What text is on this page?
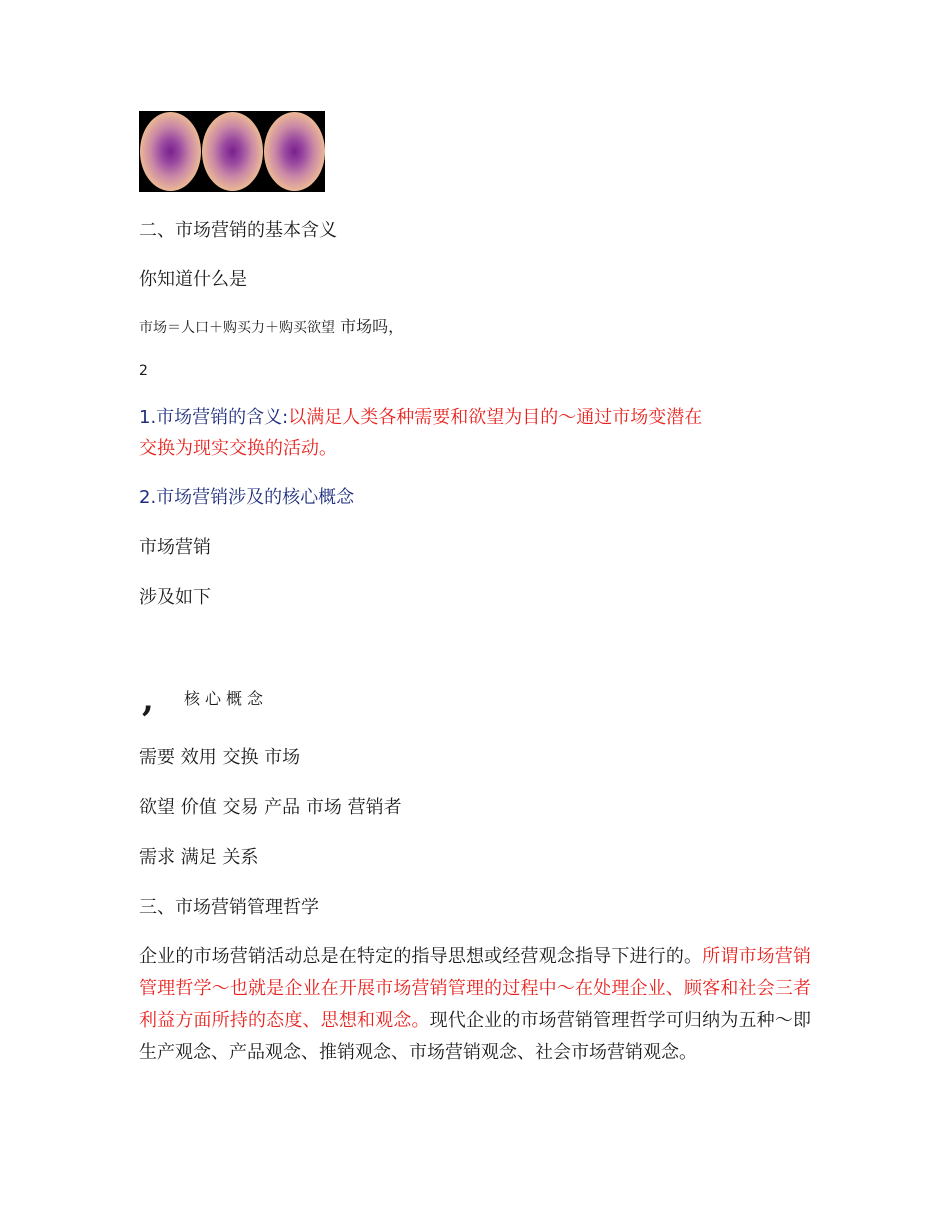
二、市场营销的基本含义

你知道什么是

市场＝人口＋购买力＋购买欲望 市场吗，

2

1.市场营销的含义:以满足人类各种需要和欲望为目的～通过市场变潜在

交换为现实交换的活动。

2.市场营销涉及的核心概念

市场营销

涉及如下

, 核心概念

需要 效用 交换 市场

欲望 价值 交易 产品 市场 营销者

需求 满足 关系

三、市场营销管理哲学

企业的市场营销活动总是在特定的指导思想或经营观念指导下进行的。所谓市场营销管理哲学～也就是企业在开展市场营销管理的过程中～在处理企业、顾客和社会三者利益方面所持的态度、思想和观念。现代企业的市场营销管理哲学可归纳为五种～即生产观念、产品观念、推销观念、市场营销观念、社会市场营销观念。
